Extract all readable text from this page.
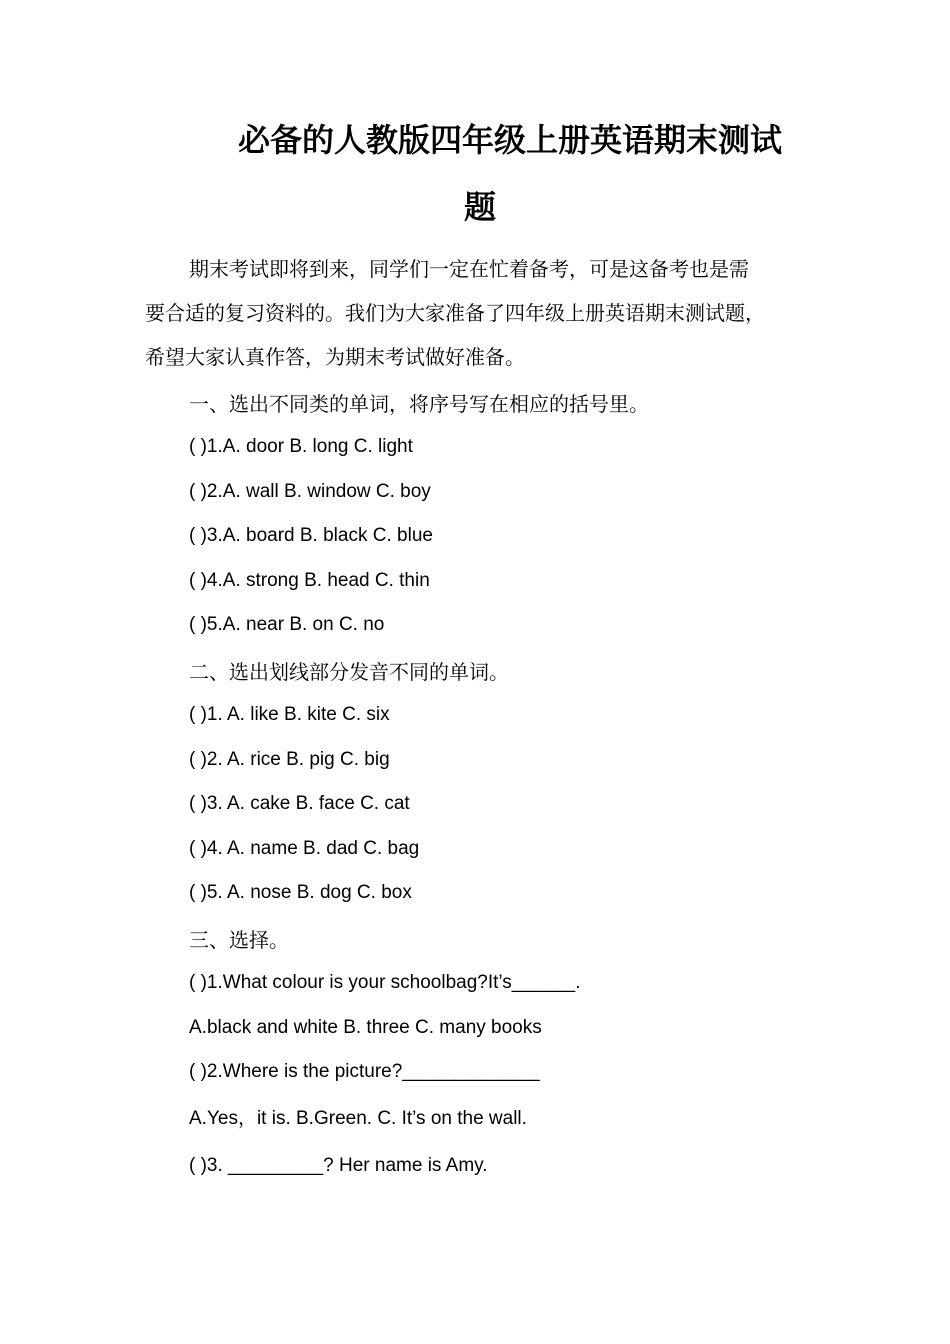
必备的人教版四年级上册英语期末测试
题
期末考试即将到来，同学们一定在忙着备考，可是这备考也是需
要合适的复习资料的。我们为大家准备了四年级上册英语期末测试题，
希望大家认真作答，为期末考试做好准备。
一、选出不同类的单词，将序号写在相应的括号里。
( )1.A. door B. long C. light
( )2.A. wall B. window C. boy
( )3.A. board B. black C. blue
( )4.A. strong B. head C. thin
( )5.A. near B. on C. no
二、选出划线部分发音不同的单词。
( )1. A. like B. kite C. six
( )2. A. rice B. pig C. big
( )3. A. cake B. face C. cat
( )4. A. name B. dad C. bag
( )5. A. nose B. dog C. box
三、选择。
( )1.What colour is your schoolbag?It’s______.
A.black and white B. three C. many books
( )2.Where is the picture?_____________
A.Yes，it is. B.Green. C. It’s on the wall.
( )3. _________? Her name is Amy.
